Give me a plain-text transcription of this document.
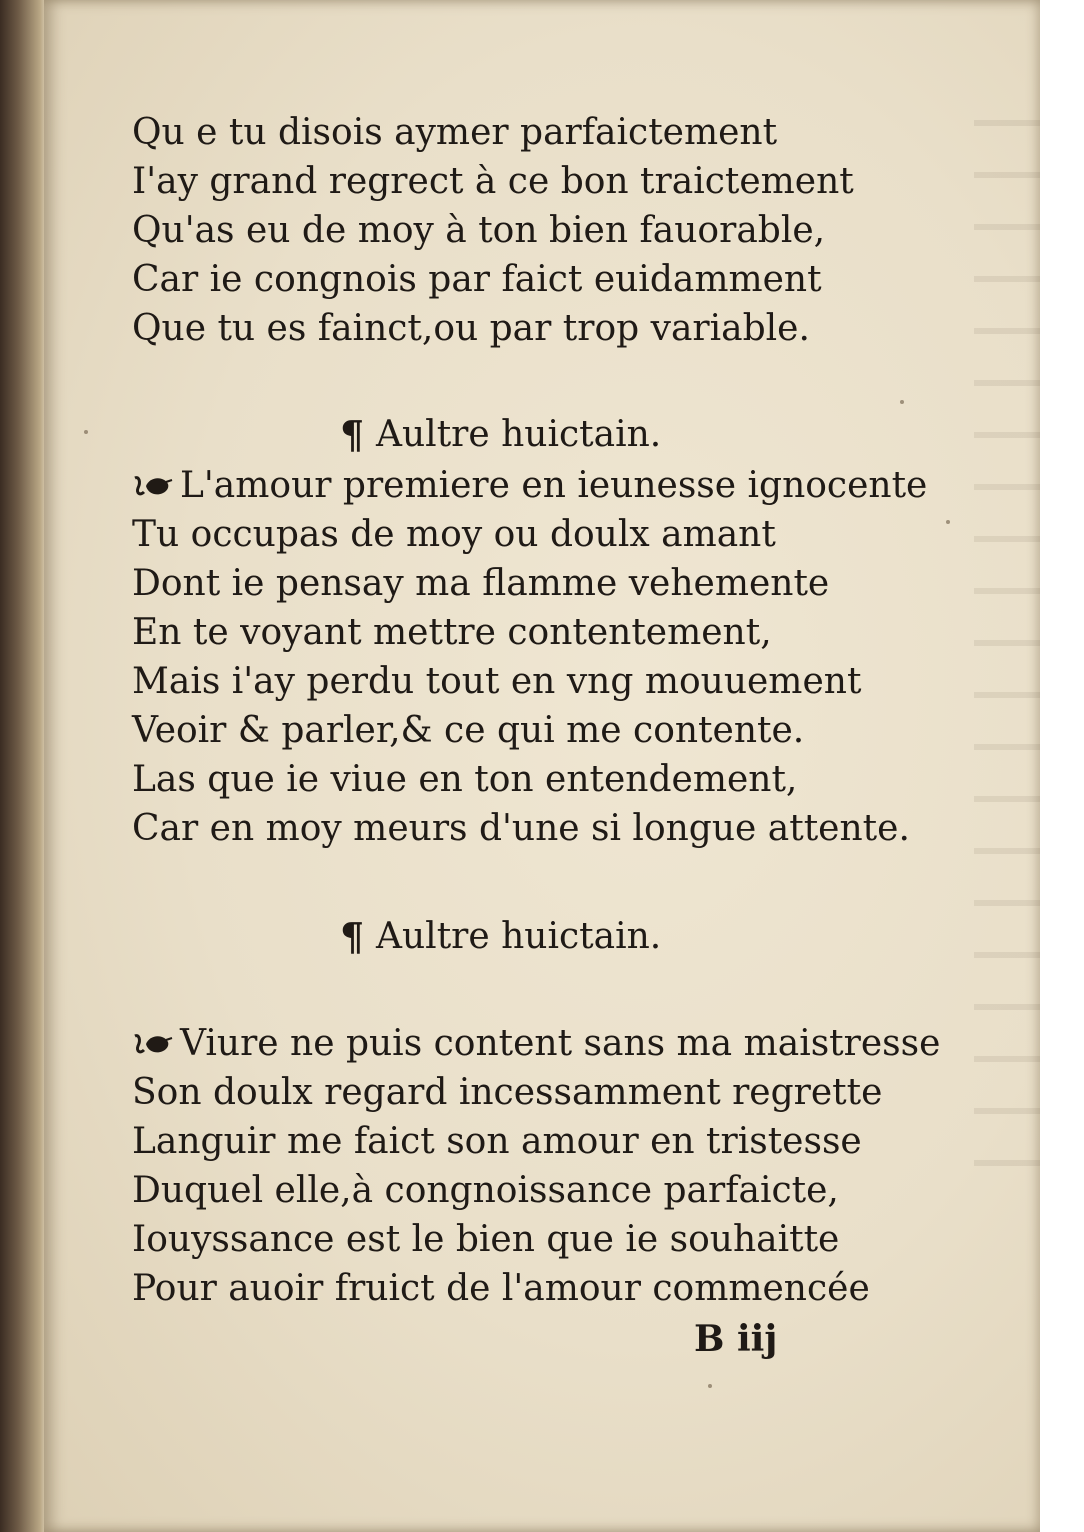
Qu e tu disois aymer parfaictement
I'ay grand regrect à ce bon traictement
Qu'as eu de moy à ton bien fauorable,
Car ie congnois par faict euidamment
Que tu es fainct,ou par trop variable.
¶ Aultre huictain.
L'amour premiere en ieunesse ignocente
Tu occupas de moy ou doulx amant
Dont ie pensay ma flamme vehemente
En te voyant mettre contentement,
Mais i'ay perdu tout en vng mouuement
Veoir & parler,& ce qui me contente.
Las que ie viue en ton entendement,
Car en moy meurs d'une si longue attente.
¶ Aultre huictain.
Viure ne puis content sans ma maistresse
Son doulx regard incessamment regrette
Languir me faict son amour en tristesse
Duquel elle,à congnoissance parfaicte,
Iouyssance est le bien que ie souhaitte
Pour auoir fruict de l'amour commencée
B iij
